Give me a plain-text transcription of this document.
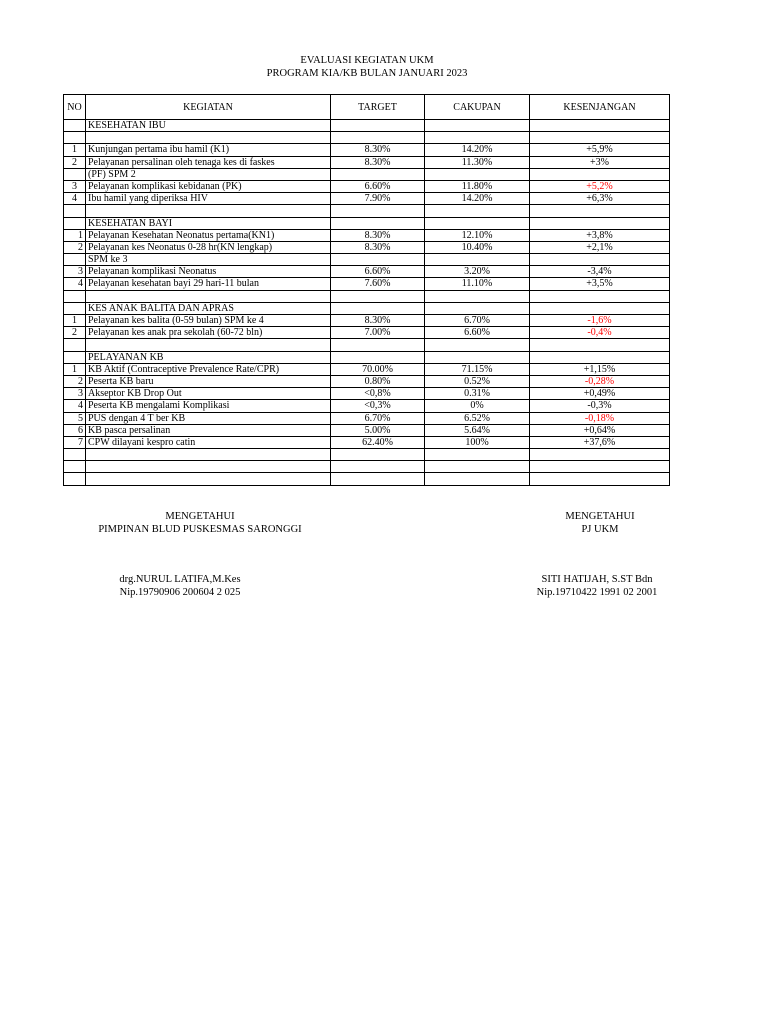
EVALUASI KEGIATAN UKM
PROGRAM KIA/KB BULAN JANUARI 2023
NO	KEGIATAN	TARGET	CAKUPAN	KESENJANGAN
	KESEHATAN IBU			

1	Kunjungan pertama ibu hamil (K1)	8.30%	14.20%	+5,9%
2	Pelayanan persalinan oleh tenaga kes di faskes	8.30%	11.30%	+3%
	(PF) SPM 2			
3	Pelayanan komplikasi kebidanan (PK)	6.60%	11.80%	+5,2%
4	Ibu hamil yang diperiksa HIV	7.90%	14.20%	+6,3%

	KESEHATAN BAYI			
1	Pelayanan Kesehatan Neonatus pertama(KN1)	8.30%	12.10%	+3,8%
2	Pelayanan kes Neonatus 0-28 hr(KN lengkap)	8.30%	10.40%	+2,1%
	SPM ke 3			
3	Pelayanan komplikasi Neonatus	6.60%	3.20%	-3,4%
4	Pelayanan kesehatan bayi 29 hari-11 bulan	7.60%	11.10%	+3,5%

	KES ANAK BALITA DAN APRAS			
1	Pelayanan kes balita (0-59 bulan) SPM ke 4	8.30%	6.70%	-1,6%
2	Pelayanan kes anak pra sekolah (60-72 bln)	7.00%	6.60%	-0,4%

	PELAYANAN KB			
1	KB Aktif (Contraceptive Prevalence Rate/CPR)	70.00%	71.15%	+1,15%
2	Peserta KB baru	0.80%	0.52%	-0,28%
3	Akseptor KB Drop Out	<0,8%	0.31%	+0,49%
4	Peserta KB mengalami Komplikasi	<0,3%	0%	-0,3%
5	PUS dengan 4 T ber KB	6.70%	6.52%	-0,18%
6	KB pasca persalinan	5.00%	5.64%	+0,64%
7	CPW dilayani kespro catin	62.40%	100%	+37,6%

MENGETAHUI
PIMPINAN BLUD PUSKESMAS SARONGGI
drg.NURUL LATIFA,M.Kes
Nip.19790906 200604 2 025
MENGETAHUI
PJ UKM
SITI HATIJAH, S.ST Bdn
Nip.19710422 1991 02 2001
